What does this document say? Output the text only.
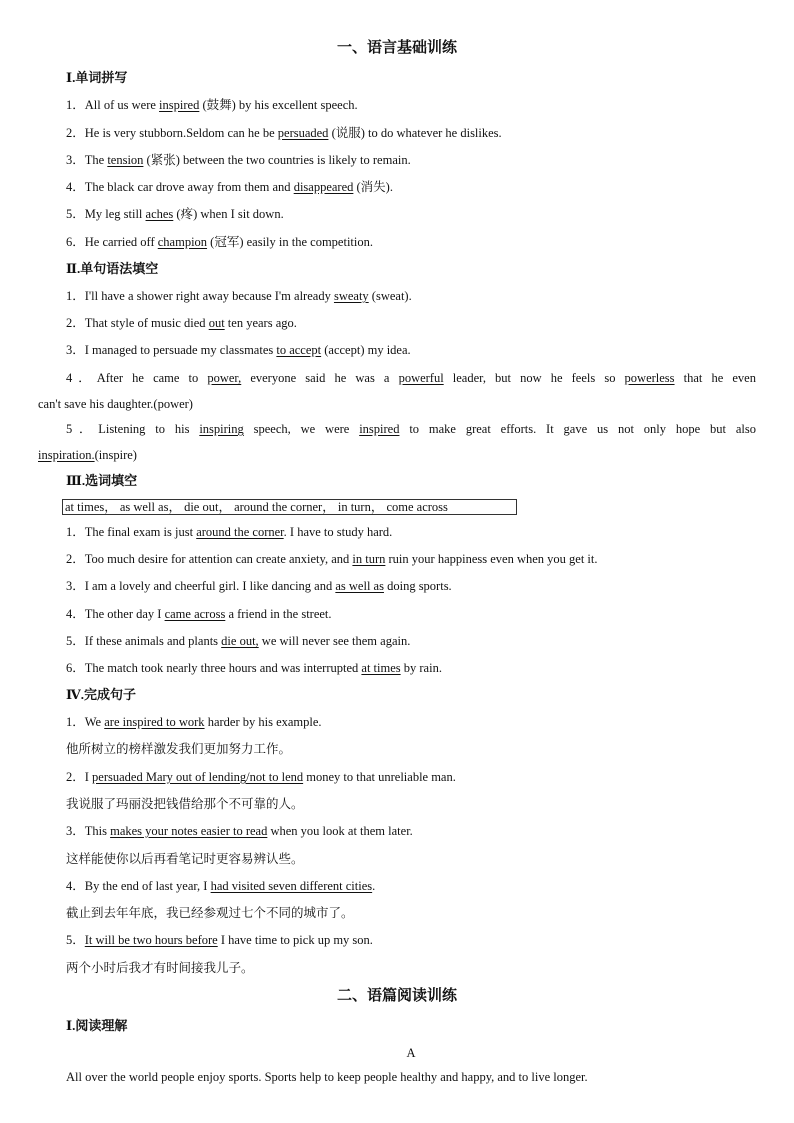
一、语言基础训练
Ⅰ.单词拼写
1．All of us were inspired (鼓舞) by his excellent speech.
2．He is very stubborn.Seldom can he be persuaded (说服) to do whatever he dislikes.
3．The tension (紧张) between the two countries is likely to remain.
4．The black car drove away from them and disappeared (消失).
5．My leg still aches (疼) when I sit down.
6．He carried off champion (冠军) easily in the competition.
Ⅱ.单句语法填空
1．I'll have a shower right away because I'm already sweaty (sweat).
2．That style of music died out ten years ago.
3．I managed to persuade my classmates to accept (accept) my idea.
4．After he came to power, everyone said he was a powerful leader, but now he feels so powerless that he even
can't save his daughter.(power)
5．Listening to his inspiring speech, we were inspired to make great efforts. It gave us not only hope but also
inspiration.(inspire)
Ⅲ.选词填空
at times， as well as， die out， around the corner， in turn， come across
1．The final exam is just around the corner. I have to study hard.
2．Too much desire for attention can create anxiety, and in turn ruin your happiness even when you get it.
3．I am a lovely and cheerful girl. I like dancing and as well as doing sports.
4．The other day I came across a friend in the street.
5．If these animals and plants die out, we will never see them again.
6．The match took nearly three hours and was interrupted at times by rain.
Ⅳ.完成句子
1．We are inspired to work harder by his example.
他所树立的榜样激发我们更加努力工作。
2．I persuaded Mary out of lending/not to lend money to that unreliable man.
我说服了玛丽没把钱借给那个不可靠的人。
3．This makes your notes easier to read when you look at them later.
这样能使你以后再看笔记时更容易辨认些。
4．By the end of last year, I had visited seven different cities.
截止到去年年底，我已经参观过七个不同的城市了。
5．It will be two hours before I have time to pick up my son.
两个小时后我才有时间接我儿子。
二、语篇阅读训练
Ⅰ.阅读理解
A
All over the world people enjoy sports. Sports help to keep people healthy and happy, and to live longer.
